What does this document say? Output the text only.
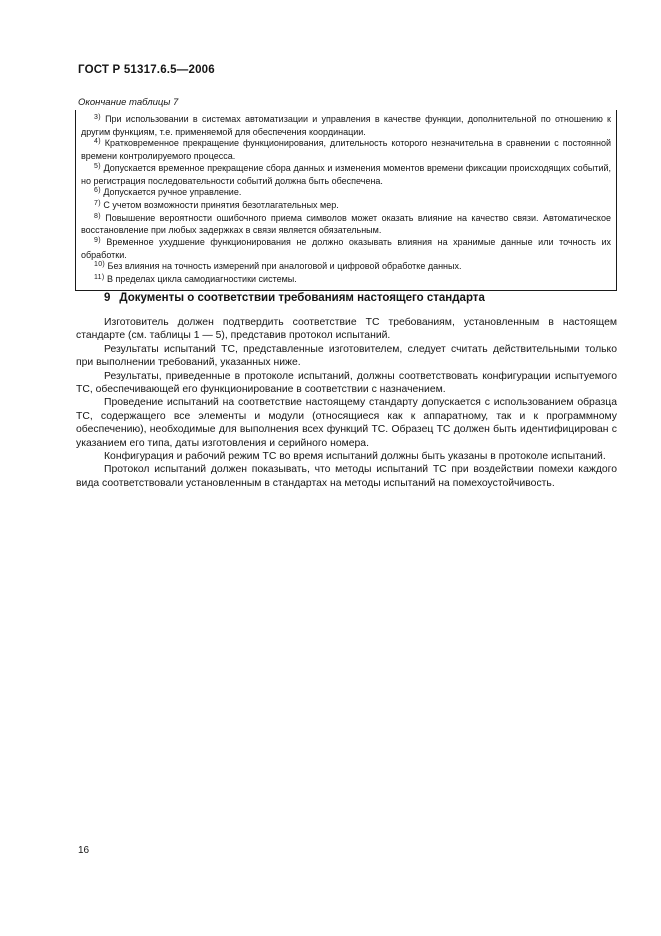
ГОСТ Р 51317.6.5—2006
Окончание таблицы 7

$^{3)}$ При использовании в системах автоматизации и управления в качестве функции, дополнительной по отношению к другим функциям, т.е. применяемой для обеспечения координации.

$^{4)}$ Кратковременное прекращение функционирования, длительность которого незначительна в сравнении с постоянной времени контролируемого процесса.

$^{5)}$ Допускается временное прекращение сбора данных и изменения моментов времени фиксации происходящих событий, но регистрация последовательности событий должна быть обеспечена.

$^{6)}$ Допускается ручное управление.

$^{7)}$ С учетом возможности принятия безотлагательных мер.

$^{8)}$ Повышение вероятности ошибочного приема символов может оказать влияние на качество связи. Автоматическое восстановление при любых задержках в связи является обязательным.

$^{9)}$ Временное ухудшение функционирования не должно оказывать влияния на хранимые данные или точность их обработки.

$^{10)}$ Без влияния на точность измерений при аналоговой и цифровой обработке данных.

$^{11)}$ В пределах цикла самодиагностики системы.

9 Документы о соответствии требованиям настоящего стандарта

Изготовитель должен подтвердить соответствие ТС требованиям, установленным в настоящем стандарте (см. таблицы 1 — 5), представив протокол испытаний.

Результаты испытаний ТС, представленные изготовителем, следует считать действительными только при выполнении требований, указанных ниже.

Результаты, приведенные в протоколе испытаний, должны соответствовать конфигурации испытуемого ТС, обеспечивающей его функционирование в соответствии с назначением.

Проведение испытаний на соответствие настоящему стандарту допускается с использованием образца ТС, содержащего все элементы и модули (относящиеся как к аппаратному, так и к программному обеспечению), необходимые для выполнения всех функций ТС. Образец ТС должен быть идентифицирован с указанием его типа, даты изготовления и серийного номера.

Конфигурация и рабочий режим ТС во время испытаний должны быть указаны в протоколе испытаний.

Протокол испытаний должен показывать, что методы испытаний ТС при воздействии помехи каждого вида соответствовали установленным в стандартах на методы испытаний на помехоустойчивость.

16
